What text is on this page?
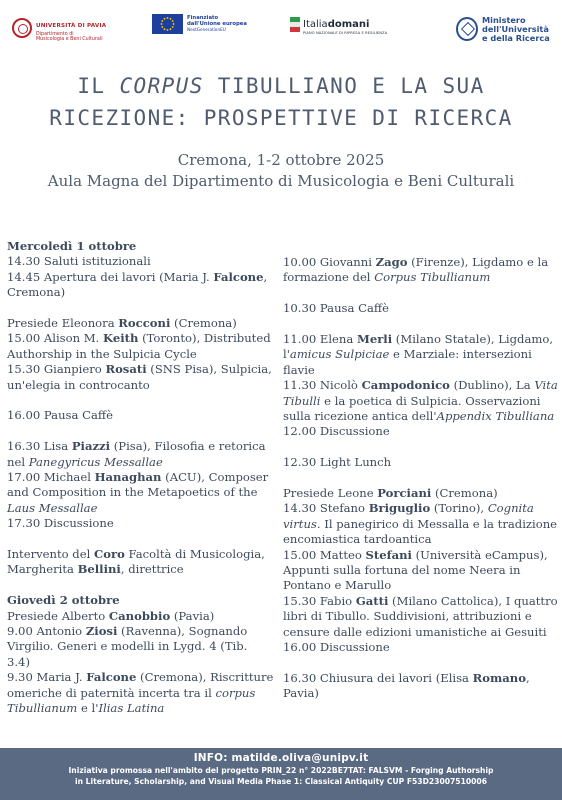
UNIVERSITÀ DI PAVIA
Dipartimento di
Musicologia e Beni Culturali
Finanziato
dall'Unione europea
NextGenerationEU	Italiadomani
PIANO NAZIONALE DI RIPRESA E RESILIENZA
Ministero
dell'Università
e della Ricerca
IL CORPUS TIBULLIANO E LA SUA
RICEZIONE: PROSPETTIVE DI RICERCA
Cremona, 1-2 ottobre 2025
Aula Magna del Dipartimento di Musicologia e Beni Culturali
Mercoledì 1 ottobre
14.30 Saluti istituzionali
14.45 Apertura dei lavori (Maria J. Falcone,
Cremona)
Presiede Eleonora Rocconi (Cremona)
15.00 Alison M. Keith (Toronto), Distributed
Authorship in the Sulpicia Cycle
15.30 Gianpiero Rosati (SNS Pisa), Sulpicia,
un'elegia in controcanto
16.00 Pausa Caffè
16.30 Lisa Piazzi (Pisa), Filosofia e retorica
nel Panegyricus Messallae
17.00 Michael Hanaghan (ACU), Composer
and Composition in the Metapoetics of the
Laus Messallae
17.30 Discussione
Intervento del Coro Facoltà di Musicologia,
Margherita Bellini, direttrice
Giovedì 2 ottobre
Presiede Alberto Canobbio (Pavia)
9.00 Antonio Ziosi (Ravenna), Sognando
Virgilio. Generi e modelli in Lygd. 4 (Tib.
3.4)
9.30 Maria J. Falcone (Cremona), Riscritture
omeriche di paternità incerta tra il corpus
Tibullianum e l'Ilias Latina
10.00 Giovanni Zago (Firenze), Ligdamo e la
formazione del Corpus Tibullianum
10.30 Pausa Caffè
11.00 Elena Merli (Milano Statale), Ligdamo,
l'amicus Sulpiciae e Marziale: intersezioni
flavie
11.30 Nicolò Campodonico (Dublino), La Vita
Tibulli e la poetica di Sulpicia. Osservazioni
sulla ricezione antica dell'Appendix Tibulliana
12.00 Discussione
12.30 Light Lunch
Presiede Leone Porciani (Cremona)
14.30 Stefano Briguglio (Torino), Cognita
virtus. Il panegirico di Messalla e la tradizione
encomiastica tardoantica
15.00 Matteo Stefani (Università eCampus),
Appunti sulla fortuna del nome Neera in
Pontano e Marullo
15.30 Fabio Gatti (Milano Cattolica), I quattro
libri di Tibullo. Suddivisioni, attribuzioni e
censure dalle edizioni umanistiche ai Gesuiti
16.00 Discussione
16.30 Chiusura dei lavori (Elisa Romano,
Pavia)
INFO: matilde.oliva@unipv.it
Iniziativa promossa nell'ambito del progetto PRIN_22 n° 2022BE7TAT: FALSVM - Forging Authorship
in Literature, Scholarship, and Visual Media Phase 1: Classical Antiquity CUP F53D23007510006
